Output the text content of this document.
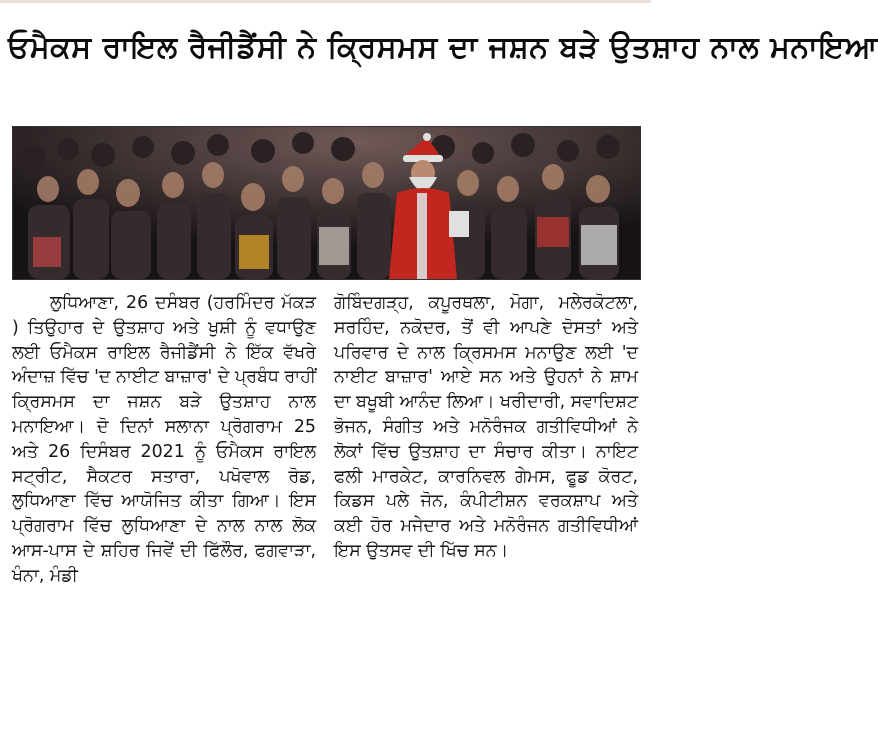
ਓਮੈਕਸ ਰਾਇਲ ਰੈਜੀਡੈਂਸੀ ਨੇ ਕ੍ਰਿਸਮਸ ਦਾ ਜਸ਼ਨ ਬੜੇ ਉਤਸ਼ਾਹ ਨਾਲ ਮਨਾਇਆ

ਲੁਧਿਆਣਾ, 26 ਦਸੰਬਰ (ਹਰਮਿੰਦਰ ਮੱਕੜ ) ਤਿਉਹਾਰ ਦੇ ਉਤਸ਼ਾਹ ਅਤੇ ਖੁਸ਼ੀ ਨੂੰ ਵਧਾਉਣ ਲਈ ਓਮੈਕਸ ਰਾਇਲ ਰੈਜੀਡੈਂਸੀ ਨੇ ਇੱਕ ਵੱਖਰੇ ਅੰਦਾਜ਼ ਵਿੱਚ 'ਦ ਨਾਈਟ ਬਾਜ਼ਾਰ' ਦੇ ਪ੍ਰਬੰਧ ਰਾਹੀਂ ਕ੍ਰਿਸਮਸ ਦਾ ਜਸ਼ਨ ਬੜੇ ਉਤਸ਼ਾਹ ਨਾਲ ਮਨਾਇਆ। ਦੋ ਦਿਨਾਂ ਸਲਾਨਾ ਪ੍ਰੋਗਰਾਮ 25 ਅਤੇ 26 ਦਿਸੰਬਰ 2021 ਨੂੰ ਓਮੈਕਸ ਰਾਇਲ ਸਟ੍ਰੀਟ, ਸੈਕਟਰ ਸਤਾਰਾ, ਪਖੋਵਾਲ ਰੋਡ, ਲੁਧਿਆਣਾ ਵਿੱਚ ਆਯੋਜਿਤ ਕੀਤਾ ਗਿਆ। ਇਸ ਪ੍ਰੋਗਰਾਮ ਵਿੱਚ ਲੁਧਿਆਣਾ ਦੇ ਨਾਲ ਨਾਲ ਲੋਕ ਆਸ-ਪਾਸ ਦੇ ਸ਼ਹਿਰ ਜਿਵੇਂ ਦੀ ਫਿੱਲੌਰ, ਫਗਵਾੜਾ, ਖੰਨਾ, ਮੰਡੀ

ਗੋਬਿੰਦਗੜ੍ਹ, ਕਪੂਰਥਲਾ, ਮੋਗਾ, ਮਲੇਰਕੋਟਲਾ, ਸਰਹਿੰਦ, ਨਕੋਦਰ, ਤੋਂ ਵੀ ਆਪਣੇ ਦੋਸਤਾਂ ਅਤੇ ਪਰਿਵਾਰ ਦੇ ਨਾਲ ਕ੍ਰਿਸਮਸ ਮਨਾਉਣ ਲਈ 'ਦ ਨਾਈਟ ਬਾਜ਼ਾਰ' ਆਏ ਸਨ ਅਤੇ ਉਹਨਾਂ ਨੇ ਸ਼ਾਮ ਦਾ ਬਖੂਬੀ ਆਨੰਦ ਲਿਆ। ਖਰੀਦਾਰੀ, ਸਵਾਦਿਸ਼ਟ ਭੋਜਨ, ਸੰਗੀਤ ਅਤੇ ਮਨੋਰੰਜਕ ਗਤੀਵਿਧੀਆਂ ਨੇ ਲੋਕਾਂ ਵਿੱਚ ਉਤਸ਼ਾਹ ਦਾ ਸੰਚਾਰ ਕੀਤਾ। ਨਾਇਟ ਫਲੀ ਮਾਰਕੇਟ, ਕਾਰਨਿਵਲ ਗੇਮਸ, ਫੂਡ ਕੋਰਟ, ਕਿਡਸ ਪਲੇ ਜੋਨ, ਕੰਪੀਟੀਸ਼ਨ ਵਰਕਸ਼ਾਪ ਅਤੇ ਕਈ ਹੋਰ ਮਜੇਦਾਰ ਅਤੇ ਮਨੋਰੰਜਨ ਗਤੀਵਿਧੀਆਂ ਇਸ ਉਤਸਵ ਦੀ ਖਿੱਚ ਸਨ।
